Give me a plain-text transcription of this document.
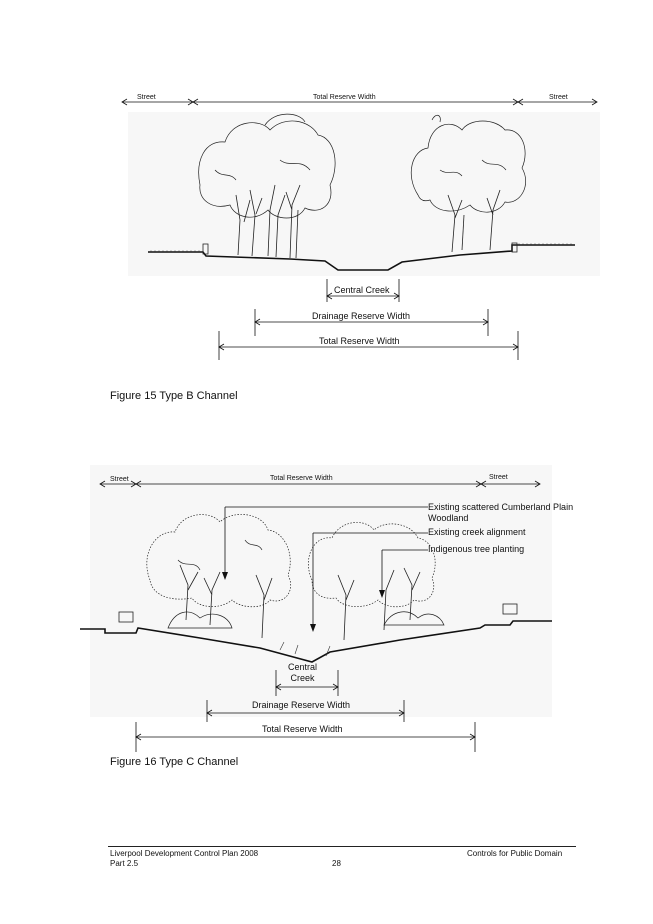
Street	Total Reserve Width	Street
Central Creek
Drainage Reserve Width
Total Reserve Width
Figure 15 Type B Channel
Street	Total Reserve Width	Street
Existing scattered Cumberland Plain
Woodland
Existing creek alignment
Indigenous tree planting
Central
Creek
Drainage Reserve Width
Total Reserve Width
Figure 16 Type C Channel
Liverpool Development Control Plan 2008
Part 2.5	28
Controls for Public Domain
